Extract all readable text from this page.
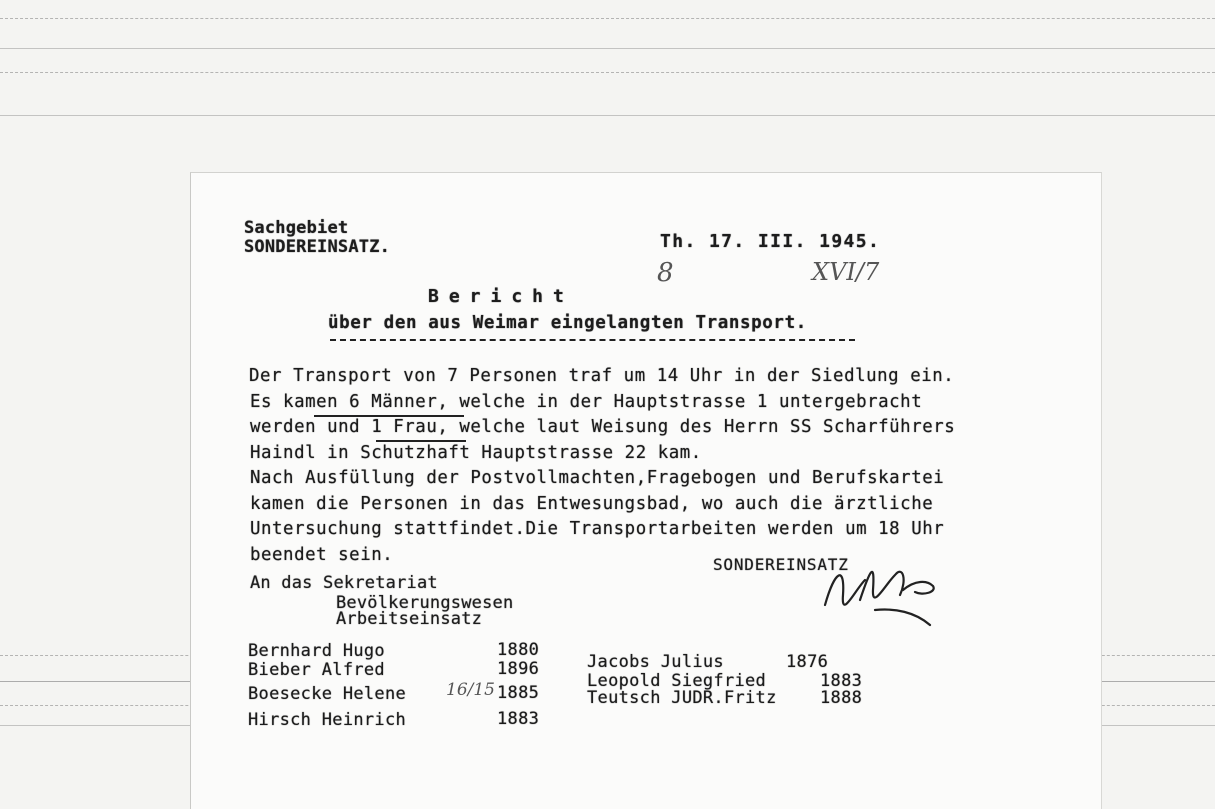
Sachgebiet
SONDEREINSATZ.	Th. 17. III. 1945.
8	XVI/7
Bericht
über den aus Weimar eingelangten Transport.
Der Transport von 7 Personen traf um 14 Uhr in der Siedlung ein.
Es kamen 6 Männer, welche in der Hauptstrasse 1 untergebracht
werden und 1 Frau, welche laut Weisung des Herrn SS Scharführers
Haindl in Schutzhaft Hauptstrasse 22 kam.
Nach Ausfüllung der Postvollmachten,Fragebogen und Berufskartei
kamen die Personen in das Entwesungsbad, wo auch die ärztliche
Untersuchung stattfindet.Die Transportarbeiten werden um 18 Uhr
beendet sein.	SONDEREINSATZ
An das Sekretariat
Bevölkerungswesen
Arbeitseinsatz
Bernhard Hugo	1880
Bieber Alfred	1896
Boesecke Helene	1885
Hirsch Heinrich	1883
Jacobs Julius	1876
Leopold Siegfried	1883
Teutsch JUDR.Fritz	1888
16/15
